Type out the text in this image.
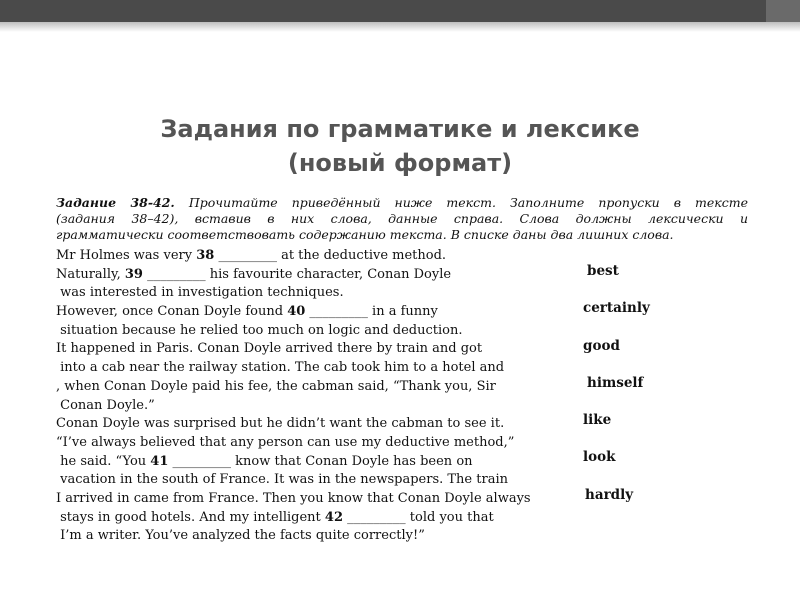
Задания по грамматике и лексике
(новый формат)
Задание 38-42. Прочитайте приведённый ниже текст. Заполните пропуски в тексте
(задания 38–42), вставив в них слова, данные справа. Слова должны лексически и
грамматически соответствовать содержанию текста. В списке даны два лишних слова.
Mr Holmes was very 38 _________ at the deductive method.
Naturally, 39 _________ his favourite character, Conan Doyle
was interested in investigation techniques.
However, once Conan Doyle found 40 _________ in a funny
situation because he relied too much on logic and deduction.
It happened in Paris. Conan Doyle arrived there by train and got
into a cab near the railway station. The cab took him to a hotel and
, when Conan Doyle paid his fee, the cabman said, “Thank you, Sir
Conan Doyle.”
Conan Doyle was surprised but he didn’t want the cabman to see it.
“I’ve always believed that any person can use my deductive method,”
he said. “You 41 _________ know that Conan Doyle has been on
vacation in the south of France. It was in the newspapers. The train
I arrived in came from France. Then you know that Conan Doyle always
stays in good hotels. And my intelligent 42 _________ told you that
I’m a writer. You’ve analyzed the facts quite correctly!”
best
certainly
good
himself
like
look
hardly
